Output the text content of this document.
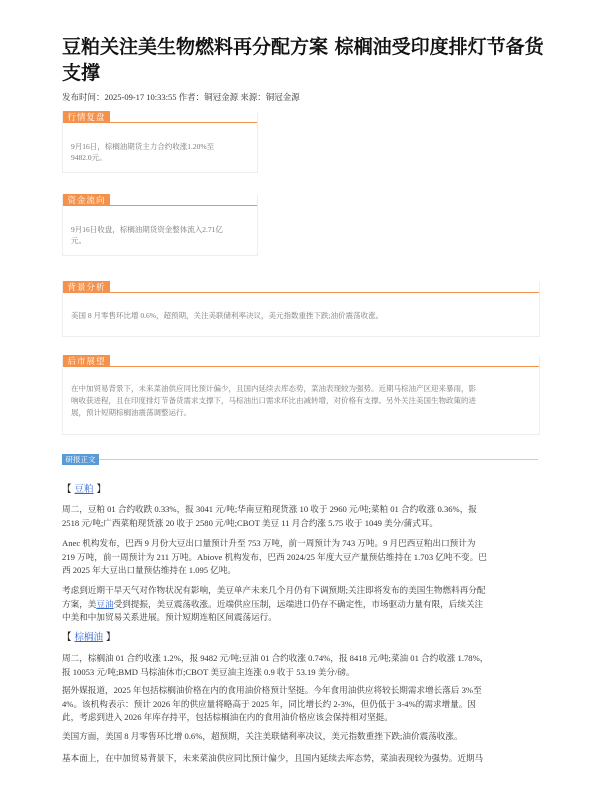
豆粕关注美生物燃料再分配方案 棕榈油受印度排灯节备货支撑
发布时间：2025-09-17 10:33:55 作者：铜冠金源 来源：铜冠金源
行情复盘
9月16日，棕榈油期货主力合约收涨1.20%至
9482.0元。
资金流向
9月16日收盘，棕榈油期货资金整体流入2.71亿
元。
背景分析
美国 8 月零售环比增 0.6%，超预期，关注美联储利率决议，美元指数重挫下跌;油价震荡收涨。
后市展望
在中加贸易背景下，未来菜油供应同比预计偏少，且国内延续去库态势，菜油表现较为强势。近期马棕油产区迎来暴雨，影
响收获进程，且在印度排灯节备货需求支撑下，马棕油出口需求环比由减转增，对价格有支撑。另外关注美国生物政策的进
展，预计短期棕榈油震荡调整运行。
研报正文
【 豆粕 】
周二，豆粕 01 合约收跌 0.33%，报 3041 元/吨;华南豆粕现货涨 10 收于 2960 元/吨;菜粕 01 合约收涨 0.36%，报
2518 元/吨;广西菜粕现货涨 20 收于 2580 元/吨;CBOT 美豆 11 月合约涨 5.75 收于 1049 美分/蒲式耳。
Anec 机构发布，巴西 9 月份大豆出口量预计升至 753 万吨，前一周预计为 743 万吨。9 月巴西豆粕出口预计为
219 万吨，前一周预计为 211 万吨。Abiove 机构发布，巴西 2024/25 年度大豆产量预估维持在 1.703 亿吨不变。巴
西 2025 年大豆出口量预估维持在 1.095 亿吨。
考虑到近期干旱天气对作物状况有影响，美豆单产未来几个月仍有下调预期;关注即将发布的美国生物燃料再分配
方案，美豆油受到提振，美豆震荡收涨。近端供应压制，远端进口仍存不确定性，市场驱动力量有限，后续关注
中美和中加贸易关系进展。预计短期连粕区间震荡运行。
【 棕榈油 】
周二，棕榈油 01 合约收涨 1.2%，报 9482 元/吨;豆油 01 合约收涨 0.74%，报 8418 元/吨;菜油 01 合约收涨 1.78%，
报 10053 元/吨;BMD 马棕油休市;CBOT 美豆油主连涨 0.9 收于 53.19 美分/磅。
据外媒报道，2025 年包括棕榈油价格在内的食用油价格预计坚挺。今年食用油供应将较长期需求增长落后 3%至
4%。该机构表示：预计 2026 年的供应量将略高于 2025 年，同比增长约 2-3%，但仍低于 3-4%的需求增量。因
此，考虑到进入 2026 年库存持平，包括棕榈油在内的食用油价格应该会保持相对坚挺。
美国方面，美国 8 月零售环比增 0.6%，超预期，关注美联储利率决议，美元指数重挫下跌;油价震荡收涨。
基本面上，在中加贸易背景下，未来菜油供应同比预计偏少，且国内延续去库态势，菜油表现较为强势。近期马
